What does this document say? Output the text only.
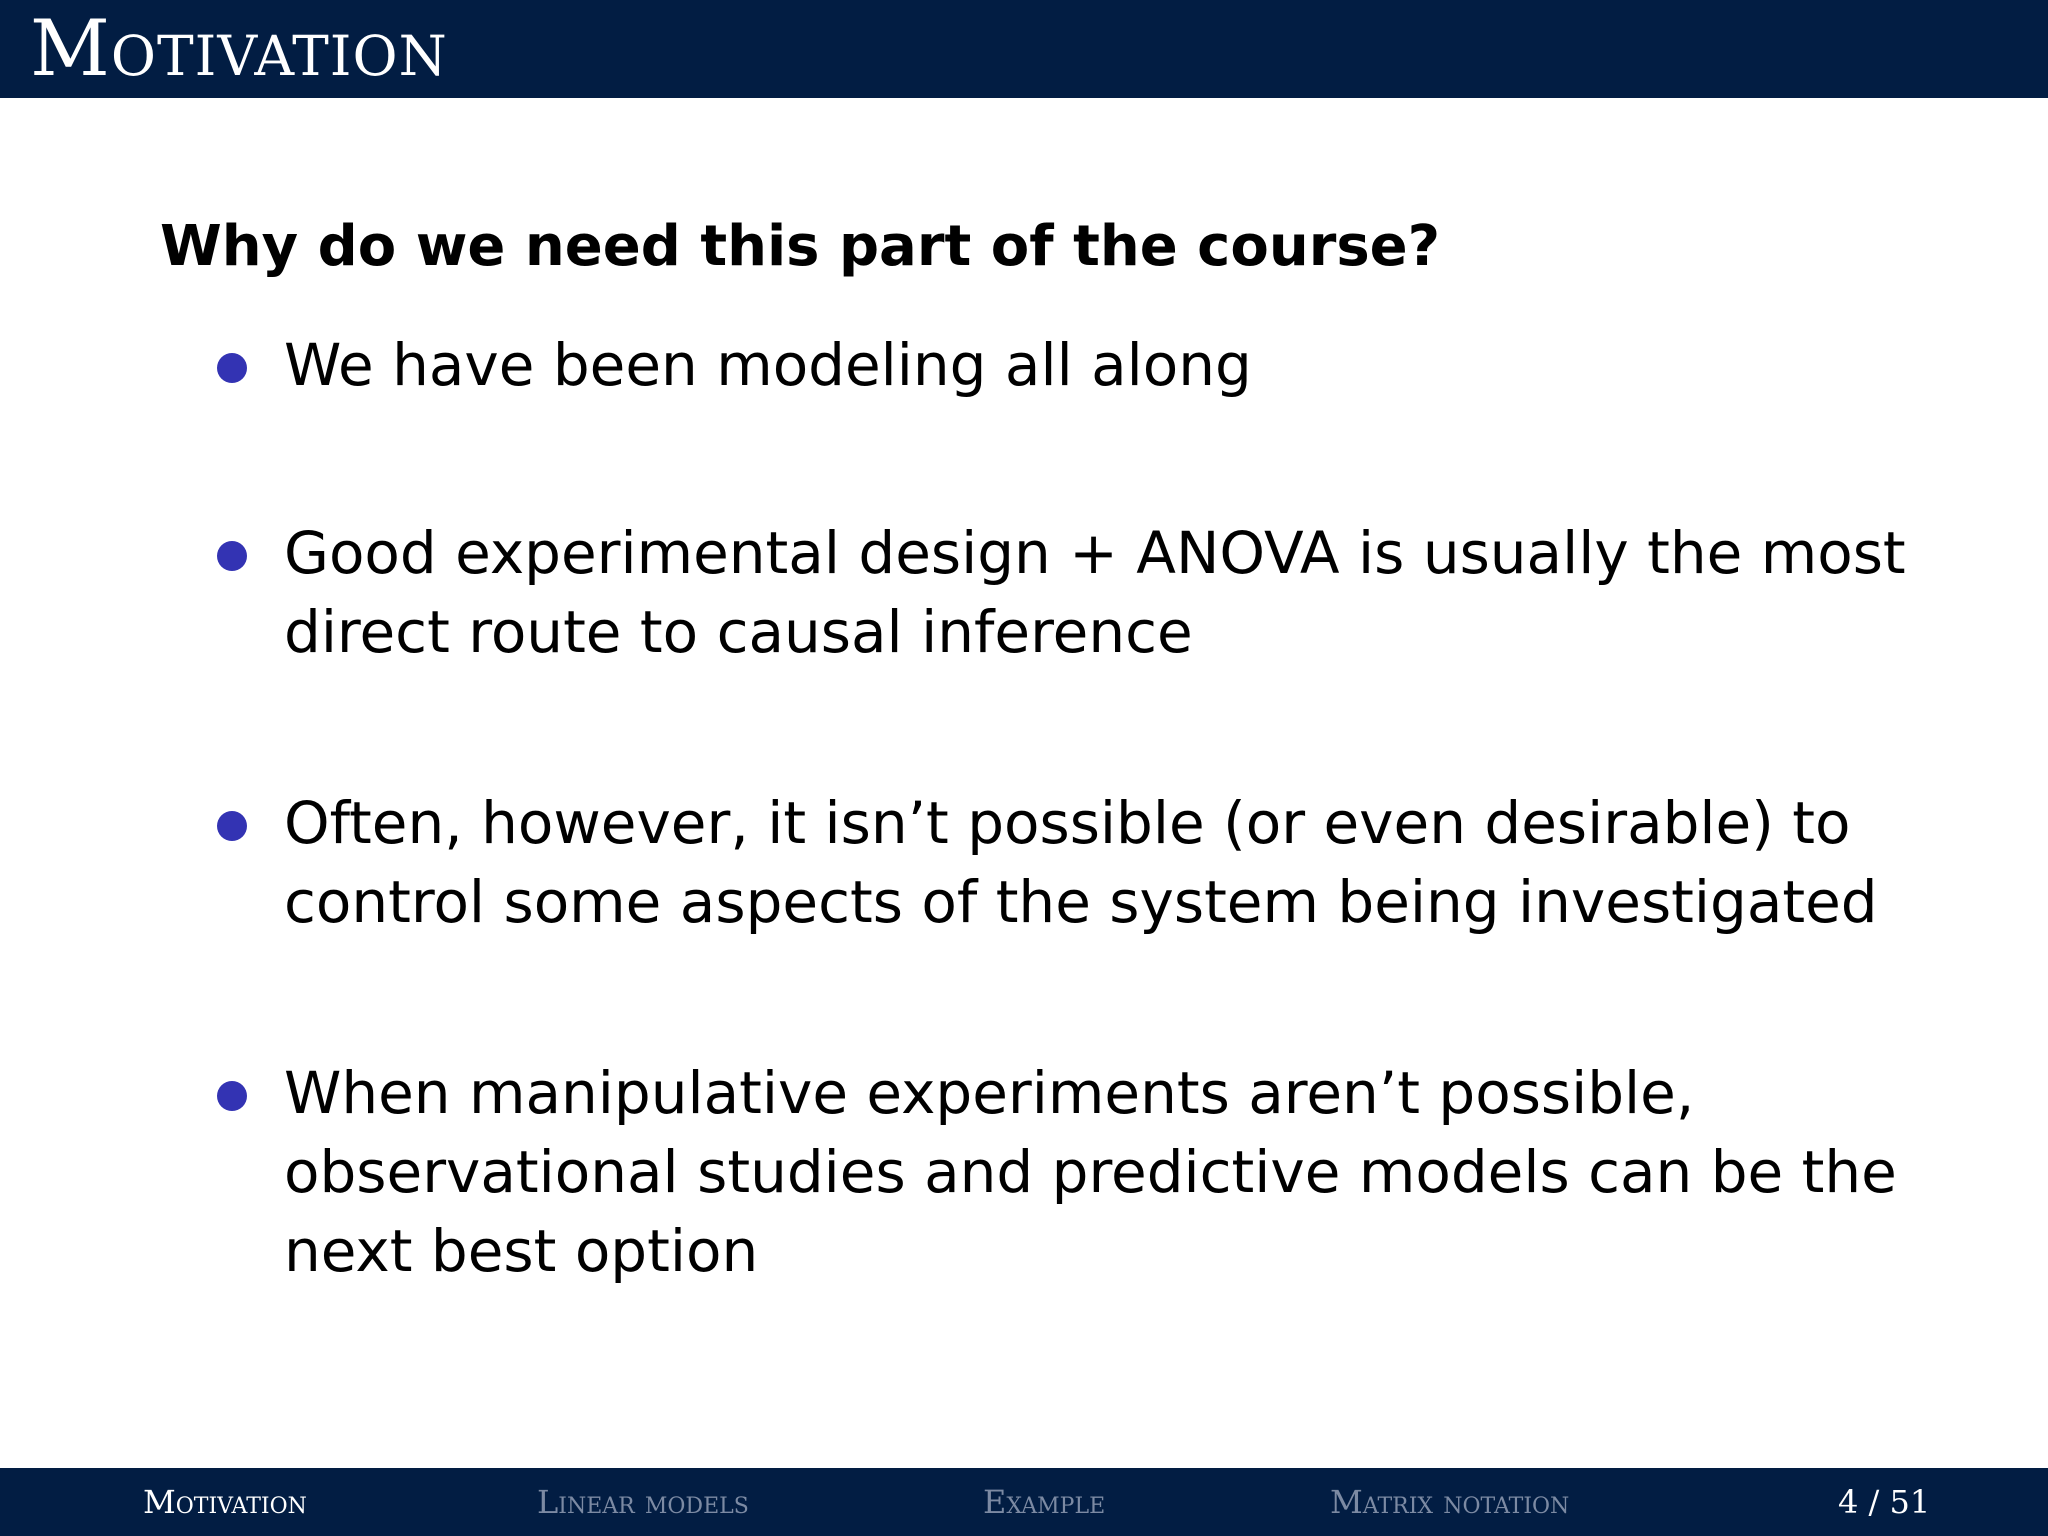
Motivation
Why do we need this part of the course?
We have been modeling all along
Good experimental design + ANOVA is usually the most
direct route to causal inference
Often, however, it isn’t possible (or even desirable) to
control some aspects of the system being investigated
When manipulative experiments aren’t possible,
observational studies and predictive models can be the
next best option
Motivation	Linear models	Example	Matrix notation	4 / 51
